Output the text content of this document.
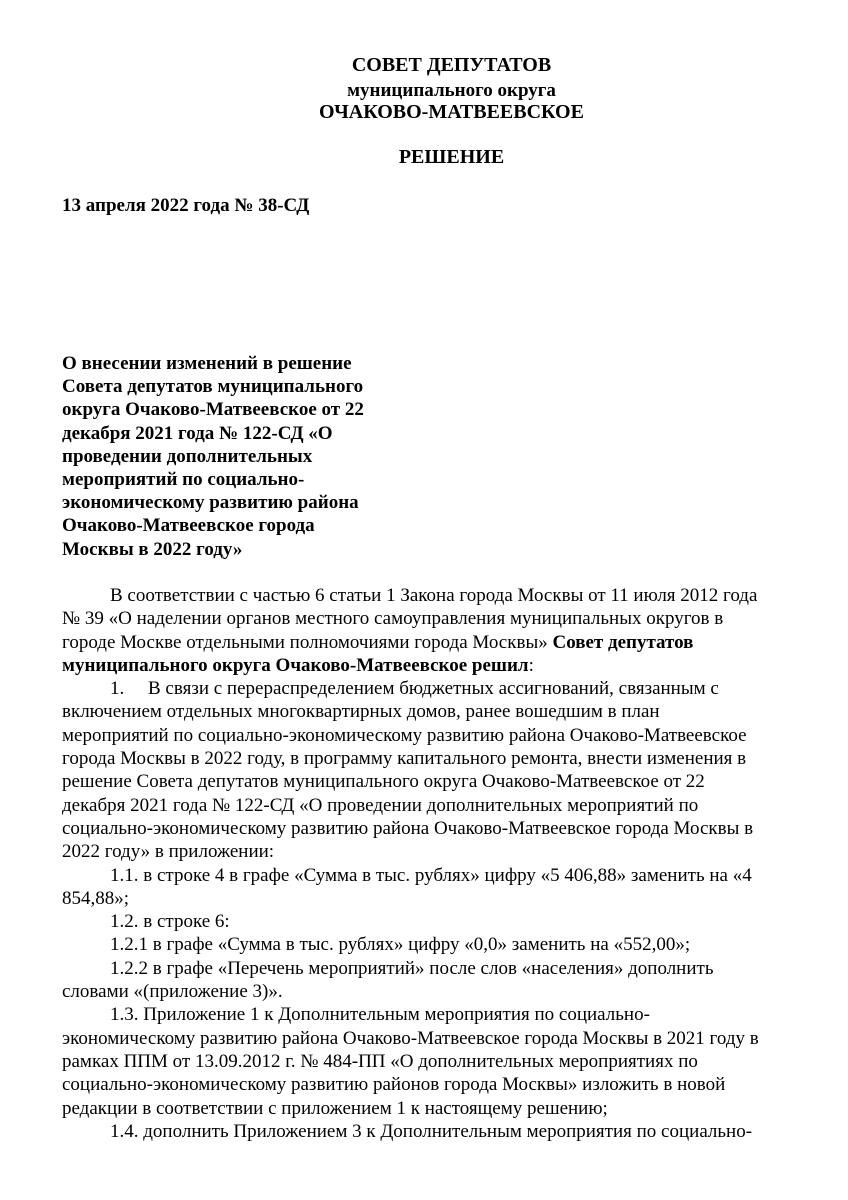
СОВЕТ ДЕПУТАТОВ
муниципального округа
ОЧАКОВО-МАТВЕЕВСКОЕ
РЕШЕНИЕ
13 апреля 2022 года № 38-СД
О внесении изменений в решение
Совета депутатов муниципального
округа Очаково-Матвеевское от 22
декабря 2021 года № 122-СД «О
проведении дополнительных
мероприятий по социально-
экономическому развитию района
Очаково-Матвеевское города
Москвы в 2022 году»
В соответствии с частью 6 статьи 1 Закона города Москвы от 11 июля 2012 года
№ 39 «О наделении органов местного самоуправления муниципальных округов в
городе Москве отдельными полномочиями города Москвы» Совет депутатов
муниципального округа Очаково-Матвеевское решил:
1.     В связи с перераспределением бюджетных ассигнований, связанным с
включением отдельных многоквартирных домов, ранее вошедшим в план
мероприятий по социально-экономическому развитию района Очаково-Матвеевское
города Москвы в 2022 году, в программу капитального ремонта, внести изменения в
решение Совета депутатов муниципального округа Очаково-Матвеевское от 22
декабря 2021 года № 122-СД «О проведении дополнительных мероприятий по
социально-экономическому развитию района Очаково-Матвеевское города Москвы в
2022 году» в приложении:
1.1. в строке 4 в графе «Сумма в тыс. рублях» цифру «5 406,88» заменить на «4
854,88»;
1.2. в строке 6:
1.2.1 в графе «Сумма в тыс. рублях» цифру «0,0» заменить на «552,00»;
1.2.2 в графе «Перечень мероприятий» после слов «населения» дополнить
словами «(приложение 3)».
1.3. Приложение 1 к Дополнительным мероприятия по социально-
экономическому развитию района Очаково-Матвеевское города Москвы в 2021 году в
рамках ППМ от 13.09.2012 г. № 484-ПП «О дополнительных мероприятиях по
социально-экономическому развитию районов города Москвы» изложить в новой
редакции в соответствии с приложением 1 к настоящему решению;
1.4. дополнить Приложением 3 к Дополнительным мероприятия по социально-
